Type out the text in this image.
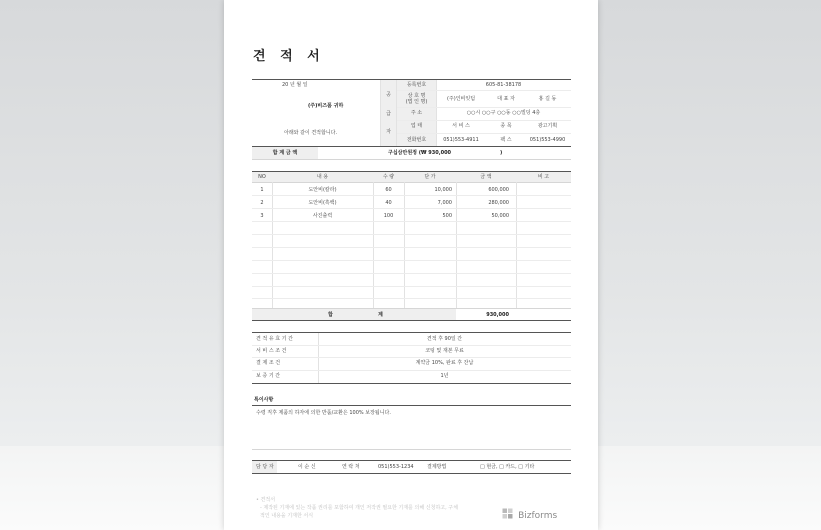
견 적 서
20 년 월 일
(주)비즈폼 귀하
아래와 같이 견적합니다.
공
급
자
등록번호	605-81-38178
상 호 명
(법 인 명)	(주)인비잇텀	대 표 자	홍 길 동
주 소	○○시 ○○구 ○○동 ○○빌딩 4층
업 태	서 비 스	종 목	광고기획
전화번호	051)553-4911	팩 스	051)553-4990
합 계 금 액	구십삼만원정 (₩ 930,000	)
NO	내 용	수 량	단 가	금 액	비 고
1	도안비(칼라)	60	10,000	600,000
2	도안비(흑백)	40	7,000	280,000
3	사진출력	100	500	50,000
합	계	930,000
견 적 유 효 기 간	견적 후 90일 간
서 비 스 조 건	코팅 및 재본 무료
결 제 조 건	계약금 10%, 완료 후 잔납
보 증 기 간	1년
특이사항
수령 직후 제품의 하자에 의한 반품/교환은 100% 보장됩니다.
담 당 자	이 순 신	연 락 처	051)553-1234	결제방법	□ 현금, □ 카드, □ 기타
• 견적서
- 제작된 기재에 있는 작품 권리를 포함하여 개인 저작권 필요한 기재를 의해 신청하고, 구체
적인 내용을 기재한 서식	Bizforms
